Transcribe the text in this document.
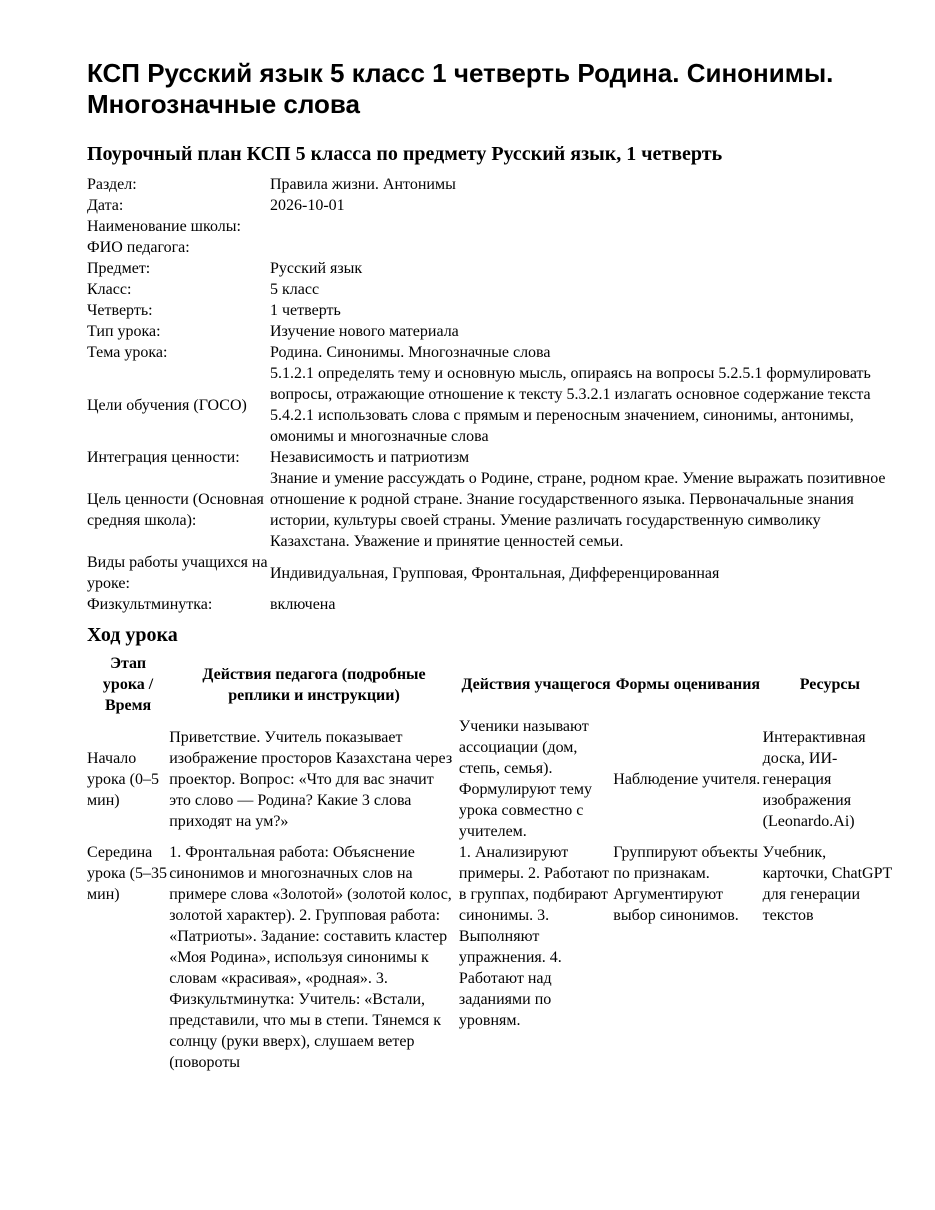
КСП Русский язык 5 класс 1 четверть Родина. Синонимы. Многозначные слова
Поурочный план КСП 5 класса по предмету Русский язык, 1 четверть
Раздел:	Правила жизни. Антонимы
Дата:	2026-10-01
Наименование школы:	
ФИО педагога:	
Предмет:	Русский язык
Класс:	5 класс
Четверть:	1 четверть
Тип урока:	Изучение нового материала
Тема урока:	Родина. Синонимы. Многозначные слова
Цели обучения (ГОСО)	5.1.2.1 определять тему и основную мысль, опираясь на вопросы 5.2.5.1 формулировать вопросы, отражающие отношение к тексту 5.3.2.1 излагать основное содержание текста 5.4.2.1 использовать слова с прямым и переносным значением, синонимы, антонимы, омонимы и многозначные слова
Интеграция ценности:	Независимость и патриотизм
Цель ценности (Основная средняя школа):	Знание и умение рассуждать о Родине, стране, родном крае. Умение выражать позитивное отношение к родной стране. Знание государственного языка. Первоначальные знания истории, культуры своей страны. Умение различать государственную символику Казахстана. Уважение и принятие ценностей семьи.
Виды работы учащихся на уроке:	Индивидуальная, Групповая, Фронтальная, Дифференцированная
Физкультминутка:	включена
Ход урока
Этап урока / Время	Действия педагога (подробные реплики и инструкции)	Действия учащегося	Формы оценивания	Ресурсы
Начало урока (0–5 мин)	Приветствие. Учитель показывает изображение просторов Казахстана через проектор. Вопрос: «Что для вас значит это слово — Родина? Какие 3 слова приходят на ум?»	Ученики называют ассоциации (дом, степь, семья). Формулируют тему урока совместно с учителем.	Наблюдение учителя.	Интерактивная доска, ИИ-генерация изображения (Leonardo.Ai)
Середина урока (5–35 мин)	1. Фронтальная работа: Объяснение синонимов и многозначных слов на примере слова «Золотой» (золотой колос, золотой характер). 2. Групповая работа: «Патриоты». Задание: составить кластер «Моя Родина», используя синонимы к словам «красивая», «родная». 3. Физкультминутка: Учитель: «Встали, представили, что мы в степи. Тянемся к солнцу (руки вверх), слушаем ветер (повороты	1. Анализируют примеры. 2. Работают в группах, подбирают синонимы. 3. Выполняют упражнения. 4. Работают над заданиями по уровням.	Группируют объекты по признакам. Аргументируют выбор синонимов.	Учебник, карточки, ChatGPT для генерации текстов
